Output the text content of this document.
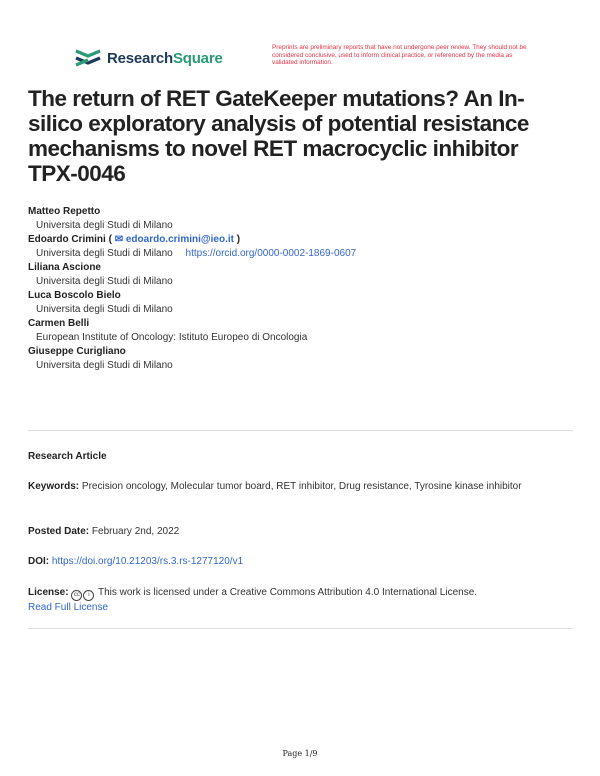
ResearchSquare
Preprints are preliminary reports that have not undergone peer review. They should not be considered conclusive, used to inform clinical practice, or referenced by the media as validated information.
The return of RET GateKeeper mutations? An In-silico exploratory analysis of potential resistance mechanisms to novel RET macrocyclic inhibitor TPX-0046
Matteo Repetto
Universita degli Studi di Milano
Edoardo Crimini ( ✉ edoardo.crimini@ieo.it )
Universita degli Studi di Milano https://orcid.org/0000-0002-1869-0607
Liliana Ascione
Universita degli Studi di Milano
Luca Boscolo Bielo
Universita degli Studi di Milano
Carmen Belli
European Institute of Oncology: Istituto Europeo di Oncologia
Giuseppe Curigliano
Universita degli Studi di Milano
Research Article
Keywords: Precision oncology, Molecular tumor board, RET inhibitor, Drug resistance, Tyrosine kinase inhibitor
Posted Date: February 2nd, 2022
DOI: https://doi.org/10.21203/rs.3.rs-1277120/v1
License: cc i This work is licensed under a Creative Commons Attribution 4.0 International License.
Read Full License
Page 1/9
